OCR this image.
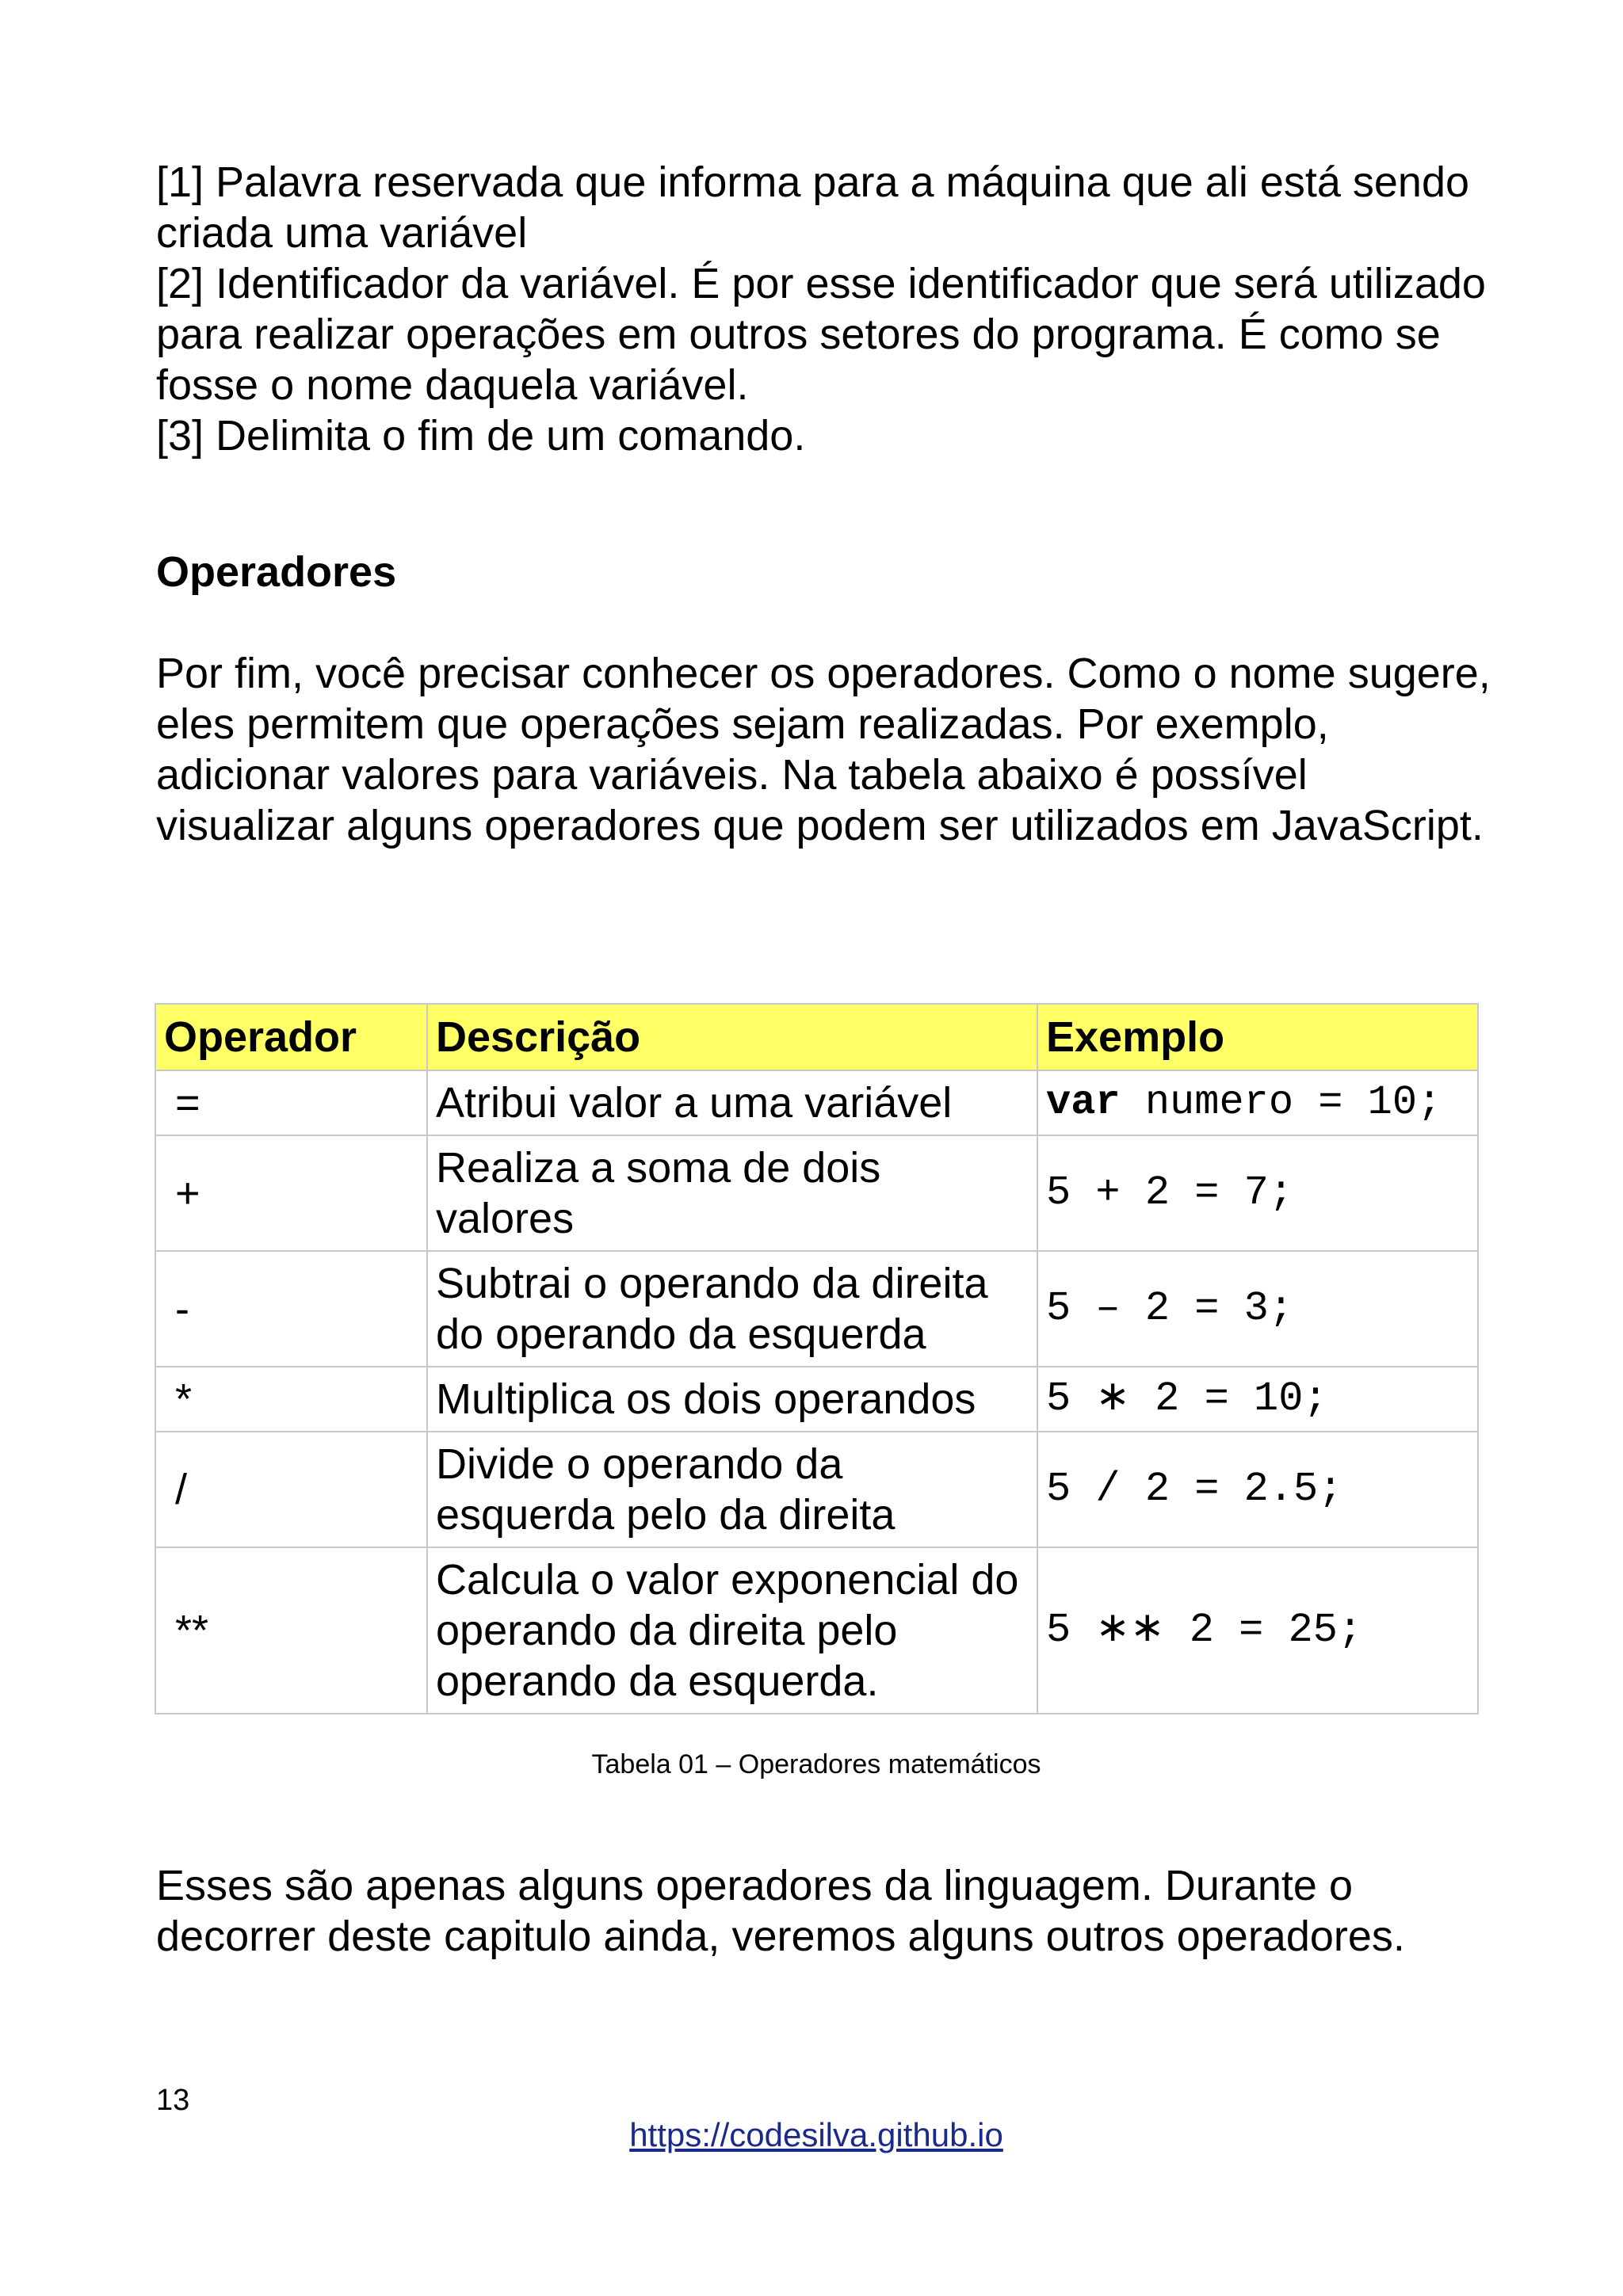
[1] Palavra reservada que informa para a máquina que ali está sendo criada uma variável

[2] Identificador da variável. É por esse identificador que será utilizado para realizar operações em outros setores do programa. É como se fosse o nome daquela variável.

[3] Delimita o fim de um comando.

Operadores

Por fim, você precisar conhecer os operadores. Como o nome sugere, eles permitem que operações sejam realizadas. Por exemplo, adicionar valores para variáveis. Na tabela abaixo é possível visualizar alguns operadores que podem ser utilizados em JavaScript.

Operador	Descrição	Exemplo
=	Atribui valor a uma variável	var numero = 10;
+	Realiza a soma de dois valores	5 + 2 = 7;
-	Subtrai o operando da direita do operando da esquerda	5 – 2 = 3;
*	Multiplica os dois operandos	5 ∗ 2 = 10;
/	Divide o operando da esquerda pelo da direita	5 / 2 = 2.5;
**	Calcula o valor exponencial do operando da direita pelo operando da esquerda.	5 ∗∗ 2 = 25;

Tabela 01 – Operadores matemáticos

Esses são apenas alguns operadores da linguagem. Durante o decorrer deste capitulo ainda, veremos alguns outros operadores.

13

https://codesilva.github.io
